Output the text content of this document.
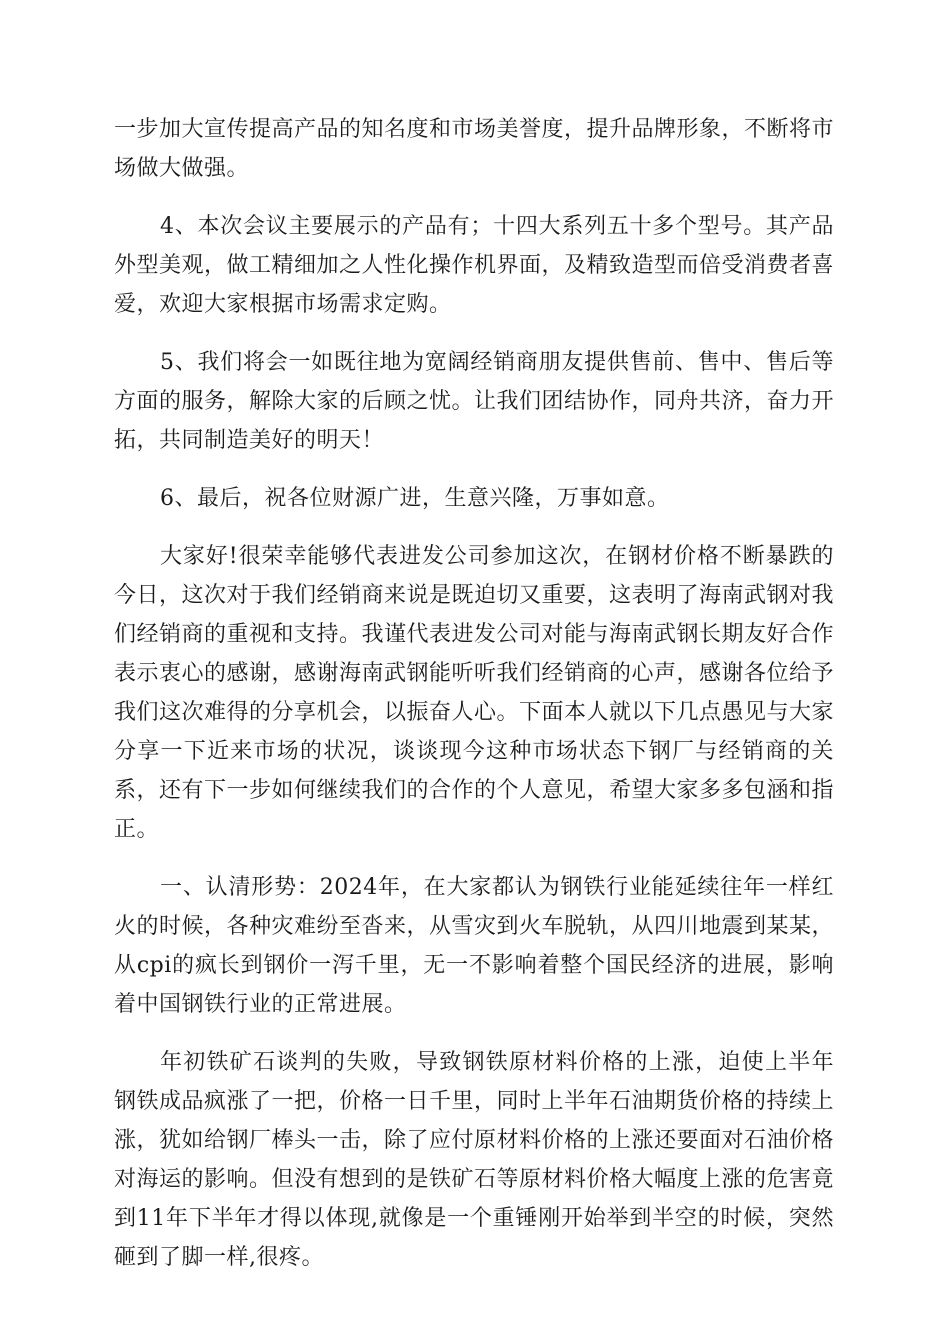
一步加大宣传提高产品的知名度和市场美誉度，提升品牌形象，不断将市场做大做强。

4、本次会议主要展示的产品有；十四大系列五十多个型号。其产品外型美观，做工精细加之人性化操作机界面，及精致造型而倍受消费者喜爱，欢迎大家根据市场需求定购。

5、我们将会一如既往地为宽阔经销商朋友提供售前、售中、售后等方面的服务，解除大家的后顾之忧。让我们团结协作，同舟共济，奋力开拓，共同制造美好的明天！

6、最后，祝各位财源广进，生意兴隆，万事如意。

大家好!很荣幸能够代表进发公司参加这次，在钢材价格不断暴跌的今日，这次对于我们经销商来说是既迫切又重要，这表明了海南武钢对我们经销商的重视和支持。我谨代表进发公司对能与海南武钢长期友好合作表示衷心的感谢，感谢海南武钢能听听我们经销商的心声，感谢各位给予我们这次难得的分享机会，以振奋人心。下面本人就以下几点愚见与大家分享一下近来市场的状况，谈谈现今这种市场状态下钢厂与经销商的关系，还有下一步如何继续我们的合作的个人意见，希望大家多多包涵和指正。

一、认清形势：2024年，在大家都认为钢铁行业能延续往年一样红火的时候，各种灾难纷至沓来，从雪灾到火车脱轨，从四川地震到某某，从cpi的疯长到钢价一泻千里，无一不影响着整个国民经济的进展，影响着中国钢铁行业的正常进展。

年初铁矿石谈判的失败，导致钢铁原材料价格的上涨，迫使上半年钢铁成品疯涨了一把，价格一日千里，同时上半年石油期货价格的持续上涨，犹如给钢厂棒头一击，除了应付原材料价格的上涨还要面对石油价格对海运的影响。但没有想到的是铁矿石等原材料价格大幅度上涨的危害竟到11年下半年才得以体现,就像是一个重锤刚开始举到半空的时候，突然砸到了脚一样,很疼。
